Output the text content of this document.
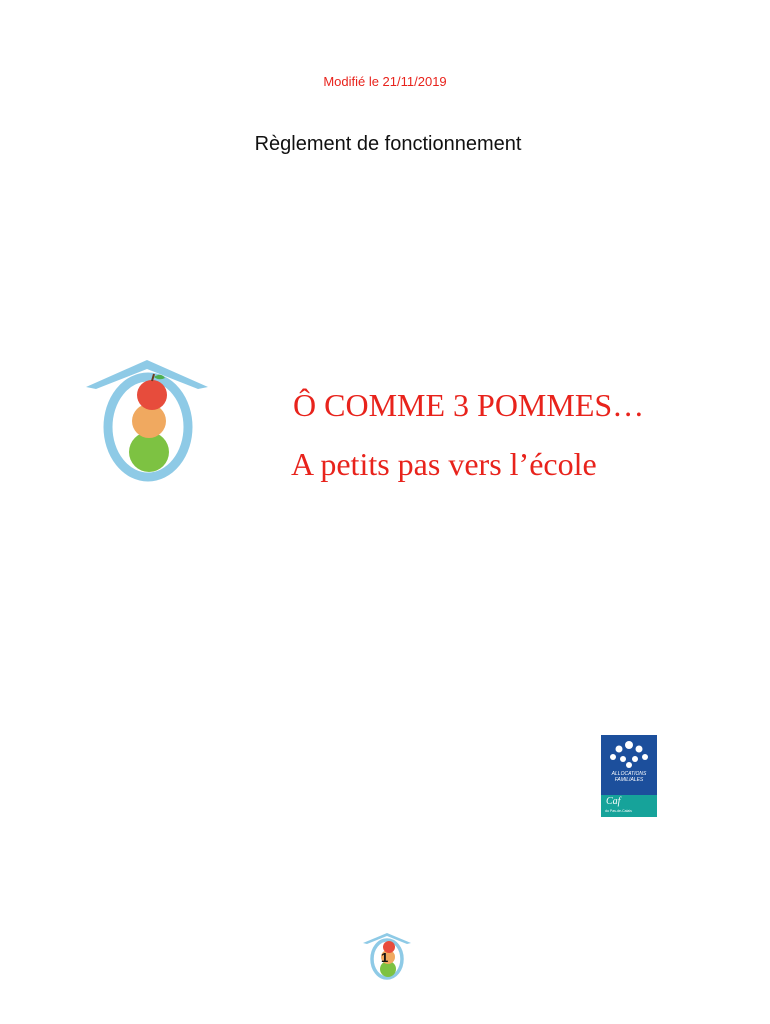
Modifié le 21/11/2019
Règlement de fonctionnement
Ô COMME 3 POMMES…
A petits pas vers l’école
ALLOCATIONS FAMILIALES
Caf
du Pas-de-Calais
1
